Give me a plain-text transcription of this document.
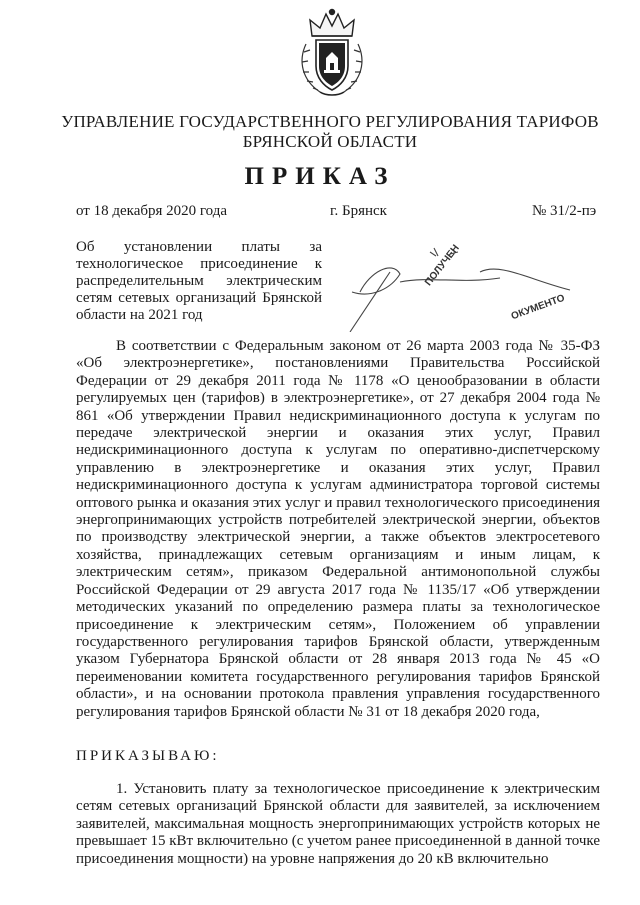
УПРАВЛЕНИЕ ГОСУДАРСТВЕННОГО РЕГУЛИРОВАНИЯ ТАРИФОВ
БРЯНСКОЙ ОБЛАСТИ
ПРИКАЗ
от 18 декабря 2020 года	г. Брянск	№ 31/2-пэ
Об установлении платы за
технологическое присоединение к
распределительным электрическим
сетям сетевых организаций Брянской
области на 2021 год
ПОЛУЧЕН
ОКУМЕНТО

В соответствии с Федеральным законом от 26 марта 2003 года № 35-ФЗ «Об электроэнергетике», постановлениями Правительства Российской Федерации от 29 декабря 2011 года № 1178 «О ценообразовании в области регулируемых цен (тарифов) в электроэнергетике», от 27 декабря 2004 года № 861 «Об утверждении Правил недискриминационного доступа к услугам по передаче электрической энергии и оказания этих услуг, Правил недискриминационного доступа к услугам по оперативно-диспетчерскому управлению в электроэнергетике и оказания этих услуг, Правил недискриминационного доступа к услугам администратора торговой системы оптового рынка и оказания этих услуг и правил технологического присоединения энергопринимающих устройств потребителей электрической энергии, объектов по производству электрической энергии, а также объектов электросетевого хозяйства, принадлежащих сетевым организациям и иным лицам, к электрическим сетям», приказом Федеральной антимонопольной службы Российской Федерации от 29 августа 2017 года № 1135/17 «Об утверждении методических указаний по определению размера платы за технологическое присоединение к электрическим сетям», Положением об управлении государственного регулирования тарифов Брянской области, утвержденным указом Губернатора Брянской области от 28 января 2013 года № 45 «О переименовании комитета государственного регулирования тарифов Брянской области», и на основании протокола правления управления государственного регулирования тарифов Брянской области № 31 от 18 декабря 2020 года,

ПРИКАЗЫВАЮ:

1. Установить плату за технологическое присоединение к электрическим сетям сетевых организаций Брянской области для заявителей, за исключением заявителей, максимальная мощность энергопринимающих устройств которых не превышает 15 кВт включительно (с учетом ранее присоединенной в данной точке присоединения мощности) на уровне напряжения до 20 кВ включительно
